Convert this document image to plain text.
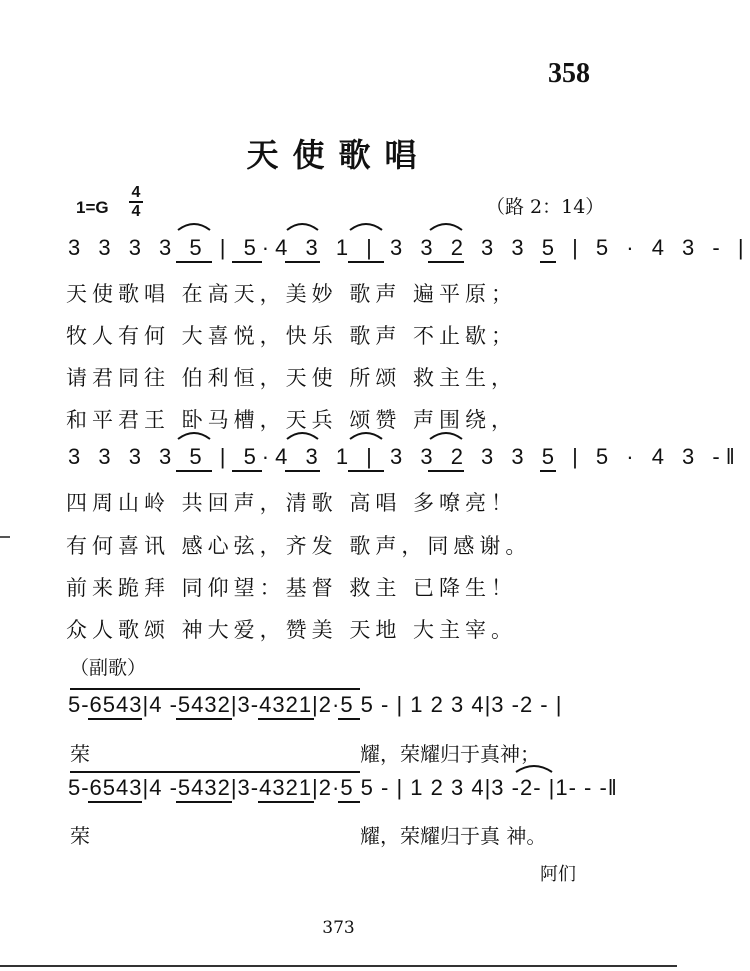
358
天使歌唱
1=G
4
4	（路 2：14）
3 3 3 3 5 | 5·4 3 1 | 3 3 2 3 3 5 | 5 · 4 3 - |
天使歌唱 在高天，美妙 歌声 遍平原；
牧人有何 大喜悦，快乐 歌声 不止歇；
请君同往 伯利恒，天使 所颂 救主生，
和平君王 卧马槽，天兵 颂赞 声围绕，
3 3 3 3 5 | 5·4 3 1 | 3 3 2 3 3 5 | 5 · 4 3 -‖
四周山岭 共回声，清歌 高唱 多嘹亮！
有何喜讯 感心弦，齐发 歌声，同感谢。
前来跪拜 同仰望：基督 救主 已降生！
众人歌颂 神大爱，赞美 天地 大主宰。
（副歌）
5-6543|4 -5432|3-4321|2·5 5 - | 1 2 3 4|3 -2 - |
荣	耀，荣耀归于真神；
5-6543|4 -5432|3-4321|2·5 5 - | 1 2 3 4|3 -2- |1- - -‖
荣	耀，荣耀归于真 神。
阿们
373
